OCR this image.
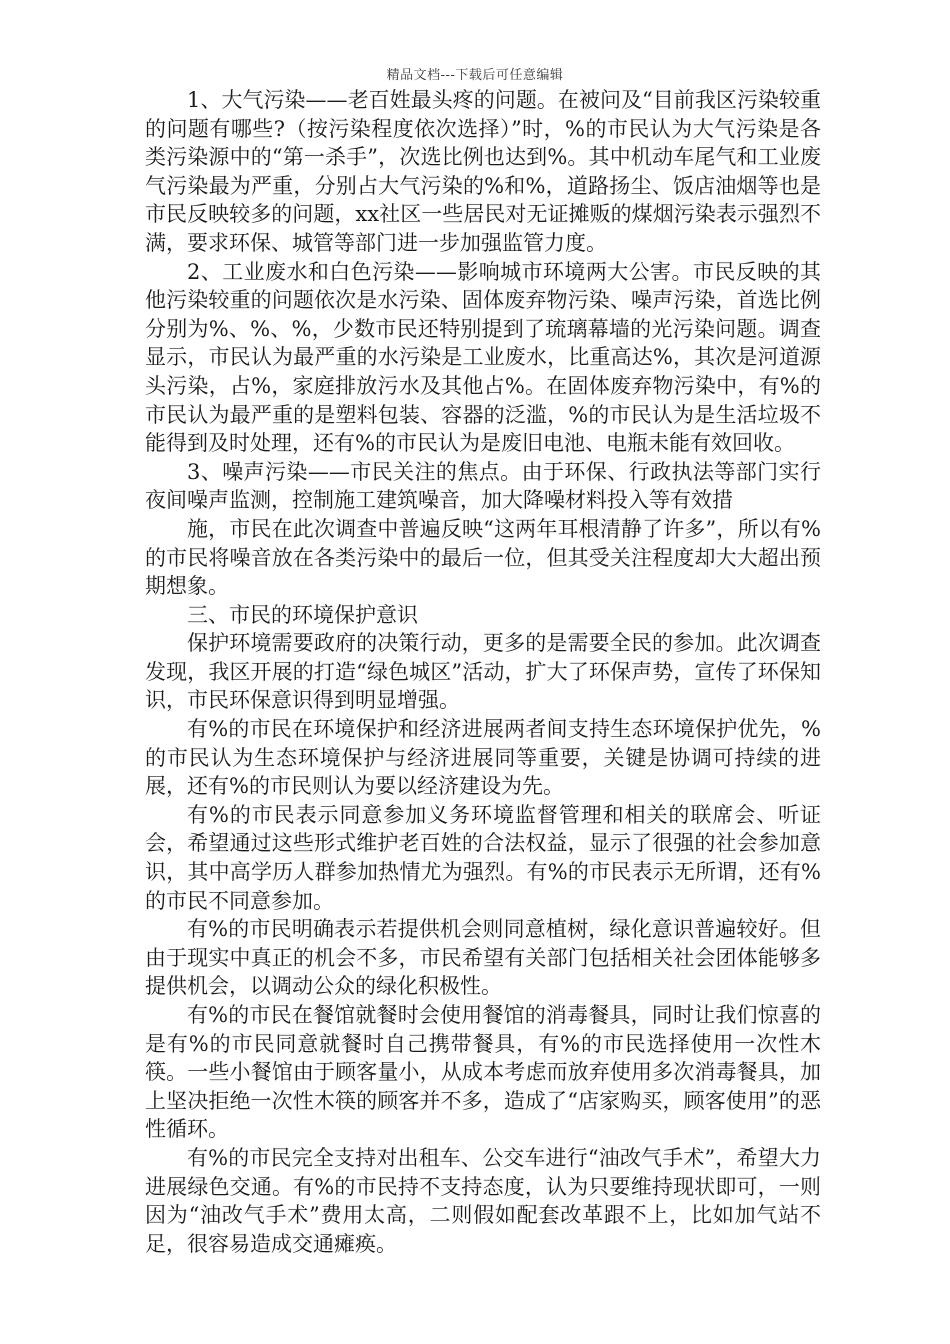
精品文档---下载后可任意编辑

1、大气污染——老百姓最头疼的问题。在被问及“目前我区污染较重的问题有哪些?（按污染程度依次选择）”时，%的市民认为大气污染是各类污染源中的“第一杀手”，次选比例也达到%。其中机动车尾气和工业废气污染最为严重，分别占大气污染的%和%，道路扬尘、饭店油烟等也是市民反映较多的问题，xx社区一些居民对无证摊贩的煤烟污染表示强烈不满，要求环保、城管等部门进一步加强监管力度。

2、工业废水和白色污染——影响城市环境两大公害。市民反映的其他污染较重的问题依次是水污染、固体废弃物污染、噪声污染，首选比例分别为%、%、%，少数市民还特别提到了琉璃幕墙的光污染问题。调查显示，市民认为最严重的水污染是工业废水，比重高达%，其次是河道源头污染，占%，家庭排放污水及其他占%。在固体废弃物污染中，有%的市民认为最严重的是塑料包装、容器的泛滥，%的市民认为是生活垃圾不能得到及时处理，还有%的市民认为是废旧电池、电瓶未能有效回收。

3、噪声污染——市民关注的焦点。由于环保、行政执法等部门实行夜间噪声监测，控制施工建筑噪音，加大降噪材料投入等有效措

施，市民在此次调查中普遍反映“这两年耳根清静了许多”，所以有%的市民将噪音放在各类污染中的最后一位，但其受关注程度却大大超出预期想象。

三、市民的环境保护意识

保护环境需要政府的决策行动，更多的是需要全民的参加。此次调查发现，我区开展的打造“绿色城区”活动，扩大了环保声势，宣传了环保知识，市民环保意识得到明显增强。

有%的市民在环境保护和经济进展两者间支持生态环境保护优先，%的市民认为生态环境保护与经济进展同等重要，关键是协调可持续的进展，还有%的市民则认为要以经济建设为先。

有%的市民表示同意参加义务环境监督管理和相关的联席会、听证会，希望通过这些形式维护老百姓的合法权益，显示了很强的社会参加意识，其中高学历人群参加热情尤为强烈。有%的市民表示无所谓，还有%的市民不同意参加。

有%的市民明确表示若提供机会则同意植树，绿化意识普遍较好。但由于现实中真正的机会不多，市民希望有关部门包括相关社会团体能够多提供机会，以调动公众的绿化积极性。

有%的市民在餐馆就餐时会使用餐馆的消毒餐具，同时让我们惊喜的是有%的市民同意就餐时自己携带餐具，有%的市民选择使用一次性木筷。一些小餐馆由于顾客量小，从成本考虑而放弃使用多次消毒餐具，加上坚决拒绝一次性木筷的顾客并不多，造成了“店家购买，顾客使用”的恶性循环。

有%的市民完全支持对出租车、公交车进行“油改气手术”，希望大力进展绿色交通。有%的市民持不支持态度，认为只要维持现状即可，一则因为“油改气手术”费用太高，二则假如配套改革跟不上，比如加气站不足，很容易造成交通瘫痪。
